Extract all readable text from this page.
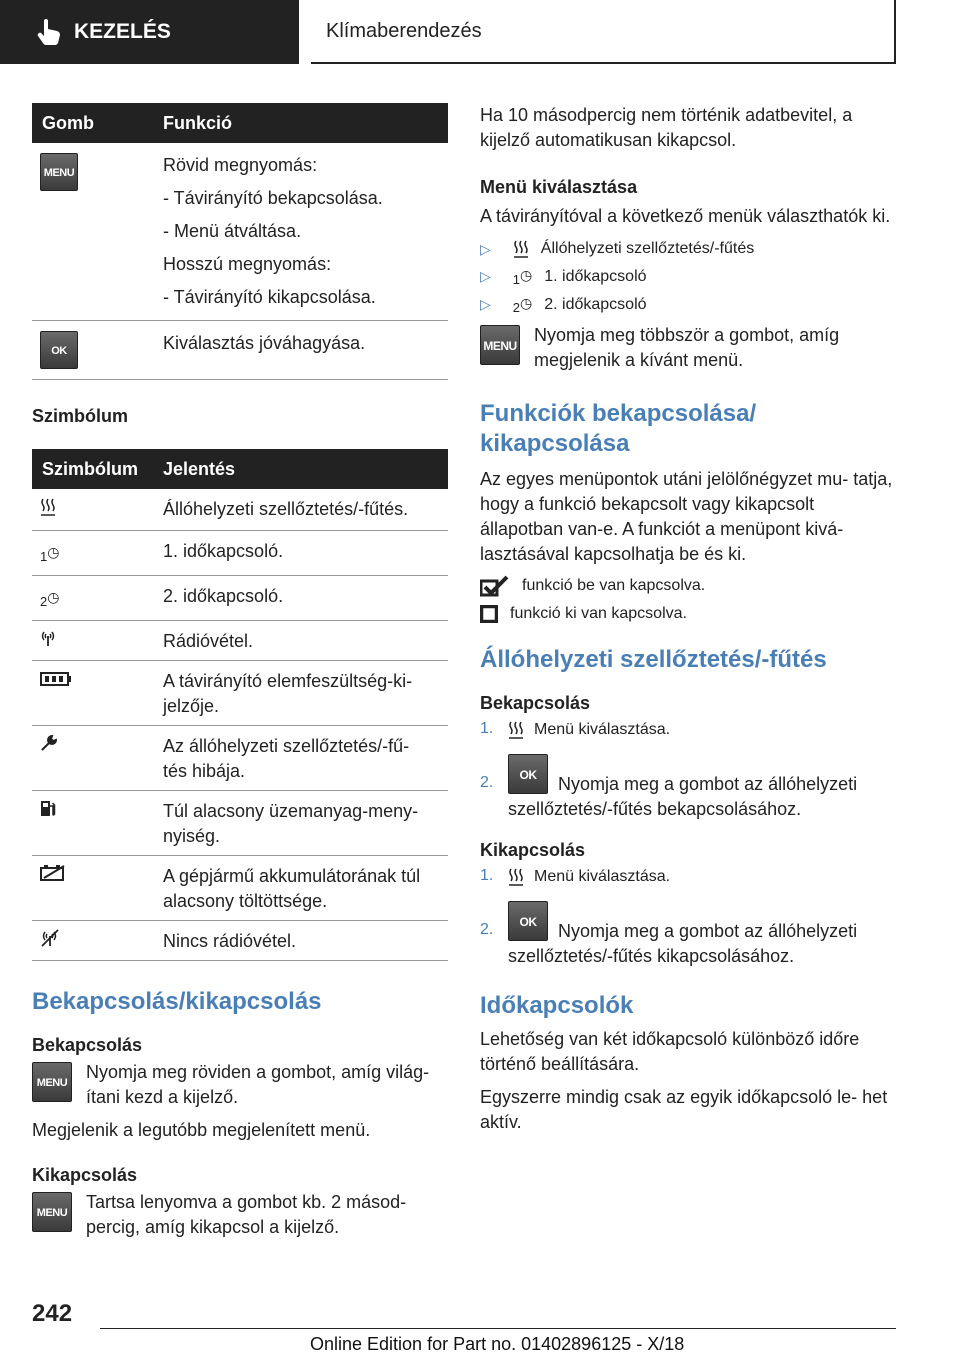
KEZELÉS	Klímaberendezés
Gomb	Funkció
MENU	Rövid megnyomás:

- Távirányító bekapcsolása.

- Menü átváltása.

Hosszú megnyomás:

- Távirányító kikapcsolása.

OK	Kiválasztás jóváhagyása.

Szimbólum
Szimbólum	Jelentés
	Állóhelyzeti szellőztetés/-fűtés.
$_1$◷	1. időkapcsoló.
$_2$◷	2. időkapcsoló.
	Rádióvétel.
	A távirányító elemfeszültség-ki- jelzője.
	Az állóhelyzeti szellőztetés/-fű- tés hibája.
	Túl alacsony üzemanyag-meny- nyiség.
	A gépjármű akkumulátorának túl alacsony töltöttsége.
	Nincs rádióvétel.
Bekapcsolás/kikapcsolás
Bekapcsolás
MENU

Nyomja meg röviden a gombot, amíg világ- ítani kezd a kijelző.

Megjelenik a legutóbb megjelenített menü.

Kikapcsolás
MENU

Tartsa lenyomva a gombot kb. 2 másod- percig, amíg kikapcsol a kijelző.

Ha 10 másodpercig nem történik adatbevitel, a kijelző automatikusan kikapcsol.

Menü kiválasztása

A távirányítóval a következő menük választhatók ki.

▷	Állóhelyzeti szellőztetés/-fűtés
▷ $_1$◷ 1. időkapcsoló
▷ $_2$◷ 2. időkapcsoló
MENU

Nyomja meg többször a gombot, amíg megjelenik a kívánt menü.

Funkciók bekapcsolása/ kikapcsolása

Az egyes menüpontok utáni jelölőnégyzet mu- tatja, hogy a funkció bekapcsolt vagy kikapcsolt állapotban van-e. A funkciót a menüpont kivá- lasztásával kapcsolhatja be és ki.

funkció be van kapcsolva.
funkció ki van kapcsolva.
Állóhelyzeti szellőztetés/-fűtés
Bekapcsolás
1.	Menü kiválasztása.
2.	OK	Nyomja meg a gombot az állóhelyzeti szellőztetés/-fűtés bekapcsolásához.

Kikapcsolás
1.	Menü kiválasztása.
2.	OK	Nyomja meg a gombot az állóhelyzeti szellőztetés/-fűtés kikapcsolásához.

Időkapcsolók

Lehetőség van két időkapcsoló különböző időre történő beállítására.

Egyszerre mindig csak az egyik időkapcsoló le- het aktív.

242
Online Edition for Part no. 01402896125 - X/18
